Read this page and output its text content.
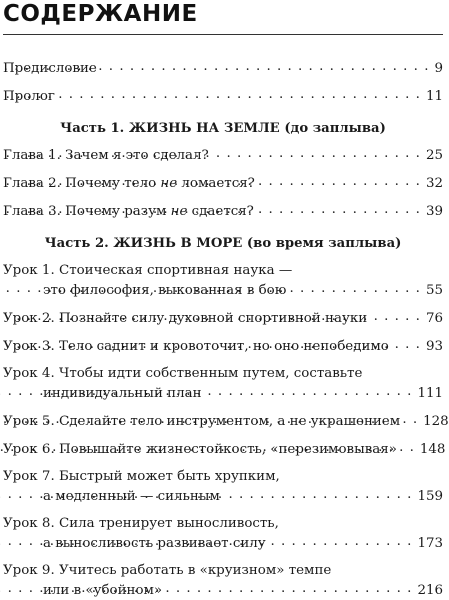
СОДЕРЖАНИЕ
Предисловие . . .	9
Пролог . . .	11
Часть 1. ЖИЗНЬ НА ЗЕМЛЕ (до заплыва)
Глава 1. Зачем я это сделал? . . .	25
Глава 2. Почему тело не ломается? . . .	32
Глава 3. Почему разум не сдается? . . .	39
Часть 2. ЖИЗНЬ В МОРЕ (во время заплыва)
Урок 1. Стоическая спортивная наука —
это философия, выкованная в бою . . .	55
Урок 2. Познайте силу духовной спортивной науки . . .	76
Урок 3. Тело саднит и кровоточит, но оно непобедимо . . .	93
Урок 4. Чтобы идти собственным путем, составьте
индивидуальный план . . .	111
Урок 5. Сделайте тело инструментом, а не украшением . . . 128
Урок 6. Повышайте жизнестойкость, «перезимовывая» . . . 148
Урок 7. Быстрый может быть хрупким,
а медленный — сильным . . .	159
Урок 8. Сила тренирует выносливость,
а выносливость развивает силу . . .	173
Урок 9. Учитесь работать в «круизном» темпе
или в «убойном» . . .	216
